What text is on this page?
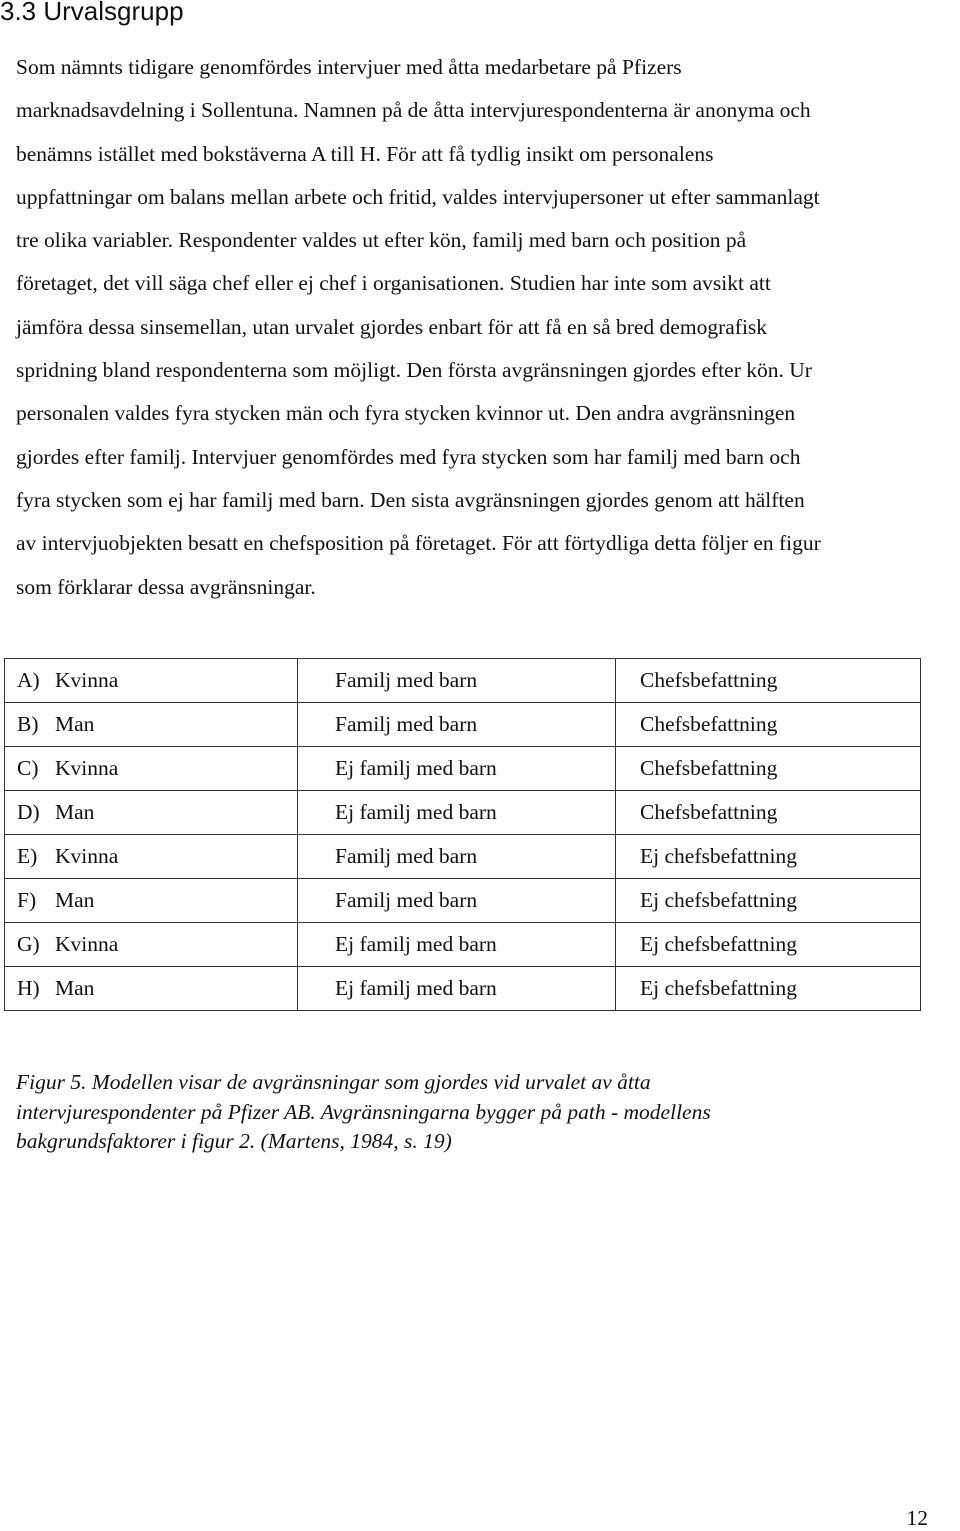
3.3 Urvalsgrupp

Som nämnts tidigare genomfördes intervjuer med åtta medarbetare på Pfizers
marknadsavdelning i Sollentuna. Namnen på de åtta intervjurespondenterna är anonyma och
benämns istället med bokstäverna A till H. För att få tydlig insikt om personalens
uppfattningar om balans mellan arbete och fritid, valdes intervjupersoner ut efter sammanlagt
tre olika variabler. Respondenter valdes ut efter kön, familj med barn och position på
företaget, det vill säga chef eller ej chef i organisationen. Studien har inte som avsikt att
jämföra dessa sinsemellan, utan urvalet gjordes enbart för att få en så bred demografisk
spridning bland respondenterna som möjligt. Den första avgränsningen gjordes efter kön. Ur
personalen valdes fyra stycken män och fyra stycken kvinnor ut. Den andra avgränsningen
gjordes efter familj. Intervjuer genomfördes med fyra stycken som har familj med barn och
fyra stycken som ej har familj med barn. Den sista avgränsningen gjordes genom att hälften
av intervjuobjekten besatt en chefsposition på företaget. För att förtydliga detta följer en figur
som förklarar dessa avgränsningar.

A) Kvinna	Familj med barn	Chefsbefattning
B) Man	Familj med barn	Chefsbefattning
C) Kvinna	Ej familj med barn	Chefsbefattning
D) Man	Ej familj med barn	Chefsbefattning
E) Kvinna	Familj med barn	Ej chefsbefattning
F) Man	Familj med barn	Ej chefsbefattning
G) Kvinna	Ej familj med barn	Ej chefsbefattning
H) Man	Ej familj med barn	Ej chefsbefattning

Figur 5. Modellen visar de avgränsningar som gjordes vid urvalet av åtta
intervjurespondenter på Pfizer AB. Avgränsningarna bygger på path - modellens
bakgrundsfaktorer i figur 2. (Martens, 1984, s. 19)

12
